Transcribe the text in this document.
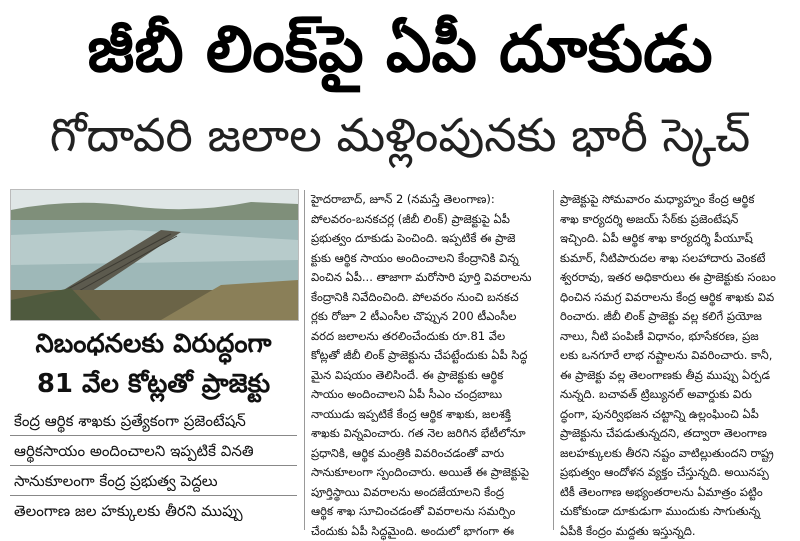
జీబీ లింక్‌పై ఏపీ దూకుడు
గోదావరి జలాల మళ్లింపునకు భారీ స్కెచ్
నిబంధనలకు విరుద్ధంగా
81 వేల కోట్లతో ప్రాజెక్టు
కేంద్ర ఆర్థిక శాఖకు ప్రత్యేకంగా ప్రజెంటేషన్
ఆర్థికసాయం అందించాలని ఇప్పటికే వినతి
సానుకూలంగా కేంద్ర ప్రభుత్వ పెద్దలు
తెలంగాణ జల హక్కులకు తీరని ముప్పు
హైదరాబాద్, జూన్ 2 (నమస్తే తెలంగాణ):
పోలవరం-బనకచర్ల (జీబీ లింక్) ప్రాజెక్టుపై ఏపీ
ప్రభుత్వం దూకుడు పెంచింది. ఇప్పటికే ఈ ప్రాజె
క్టుకు ఆర్థిక సాయం అందించాలని కేంద్రానికి విన్న
వించిన ఏపీ... తాజాగా మరోసారి పూర్తి వివరాలను
కేంద్రానికి నివేదించింది. పోలవరం నుంచి బనకచ
ర్లకు రోజూ 2 టీఎంసీల చొప్పున 200 టీఎంసీల
వరద జలాలను తరలించేందుకు రూ.81 వేల
కోట్లతో జీబీ లింక్ ప్రాజెక్టును చేపట్టేందుకు ఏపీ సిద్ధ
మైన విషయం తెలిసిందే. ఈ ప్రాజెక్టుకు ఆర్థిక
సాయం అందించాలని ఏపీ సీఎం చంద్రబాబు
నాయుడు ఇప్పటికే కేంద్ర ఆర్థిక శాఖకు, జలశక్తి
శాఖకు విన్నవించారు. గత నెల జరిగిన భేటీలోనూ
ప్రధానికి, ఆర్థిక మంత్రికి వివరించడంతో వారు
సానుకూలంగా స్పందించారు. అయితే ఈ ప్రాజెక్టుపై
పూర్తిస్థాయి వివరాలను అందజేయాలని కేంద్ర
ఆర్థిక శాఖ సూచించడంతో వివరాలను సమర్పిం
చేందుకు ఏపీ సిద్ధమైంది. అందులో భాగంగా ఈ
ప్రాజెక్టుపై సోమవారం మధ్యాహ్నం కేంద్ర ఆర్థిక
శాఖ కార్యదర్శి అజయ్ సేఠ్‌కు ప్రజెంటేషన్
ఇచ్చింది. ఏపీ ఆర్థిక శాఖ కార్యదర్శి పీయూష్
కుమార్, నీటిపారుదల శాఖ సలహాదారు వెంకటే
శ్వరరావు, ఇతర అధికారులు ఈ ప్రాజెక్టుకు సంబం
ధించిన సమగ్ర వివరాలను కేంద్ర ఆర్థిక శాఖకు వివ
రించారు. జీబీ లింక్ ప్రాజెక్టు వల్ల కలిగే ప్రయోజ
నాలు, నీటి పంపిణీ విధానం, భూసేకరణ, ప్రజ
లకు ఒనగూరే లాభ నష్టాలను వివరించారు. కానీ,
ఈ ప్రాజెక్టు వల్ల తెలంగాణకు తీవ్ర ముప్పు ఏర్పడ
నున్నది. బచావత్ ట్రిబ్యునల్ అవార్డుకు విరు
ద్ధంగా, పునర్విభజన చట్టాన్ని ఉల్లంఘించి ఏపీ
ప్రాజెక్టును చేపడుతున్నదని, తద్వారా తెలంగాణ
జలహక్కులకు తీరని నష్టం వాటిల్లుతుందని రాష్ట్ర
ప్రభుత్వం ఆందోళన వ్యక్తం చేస్తున్నది. అయినప్ప
టికీ తెలంగాణ అభ్యంతరాలను ఏమాత్రం పట్టిం
చుకోకుండా దూకుడుగా ముందుకు సాగుతున్న
ఏపీకి కేంద్రం మద్దతు ఇస్తున్నది.
